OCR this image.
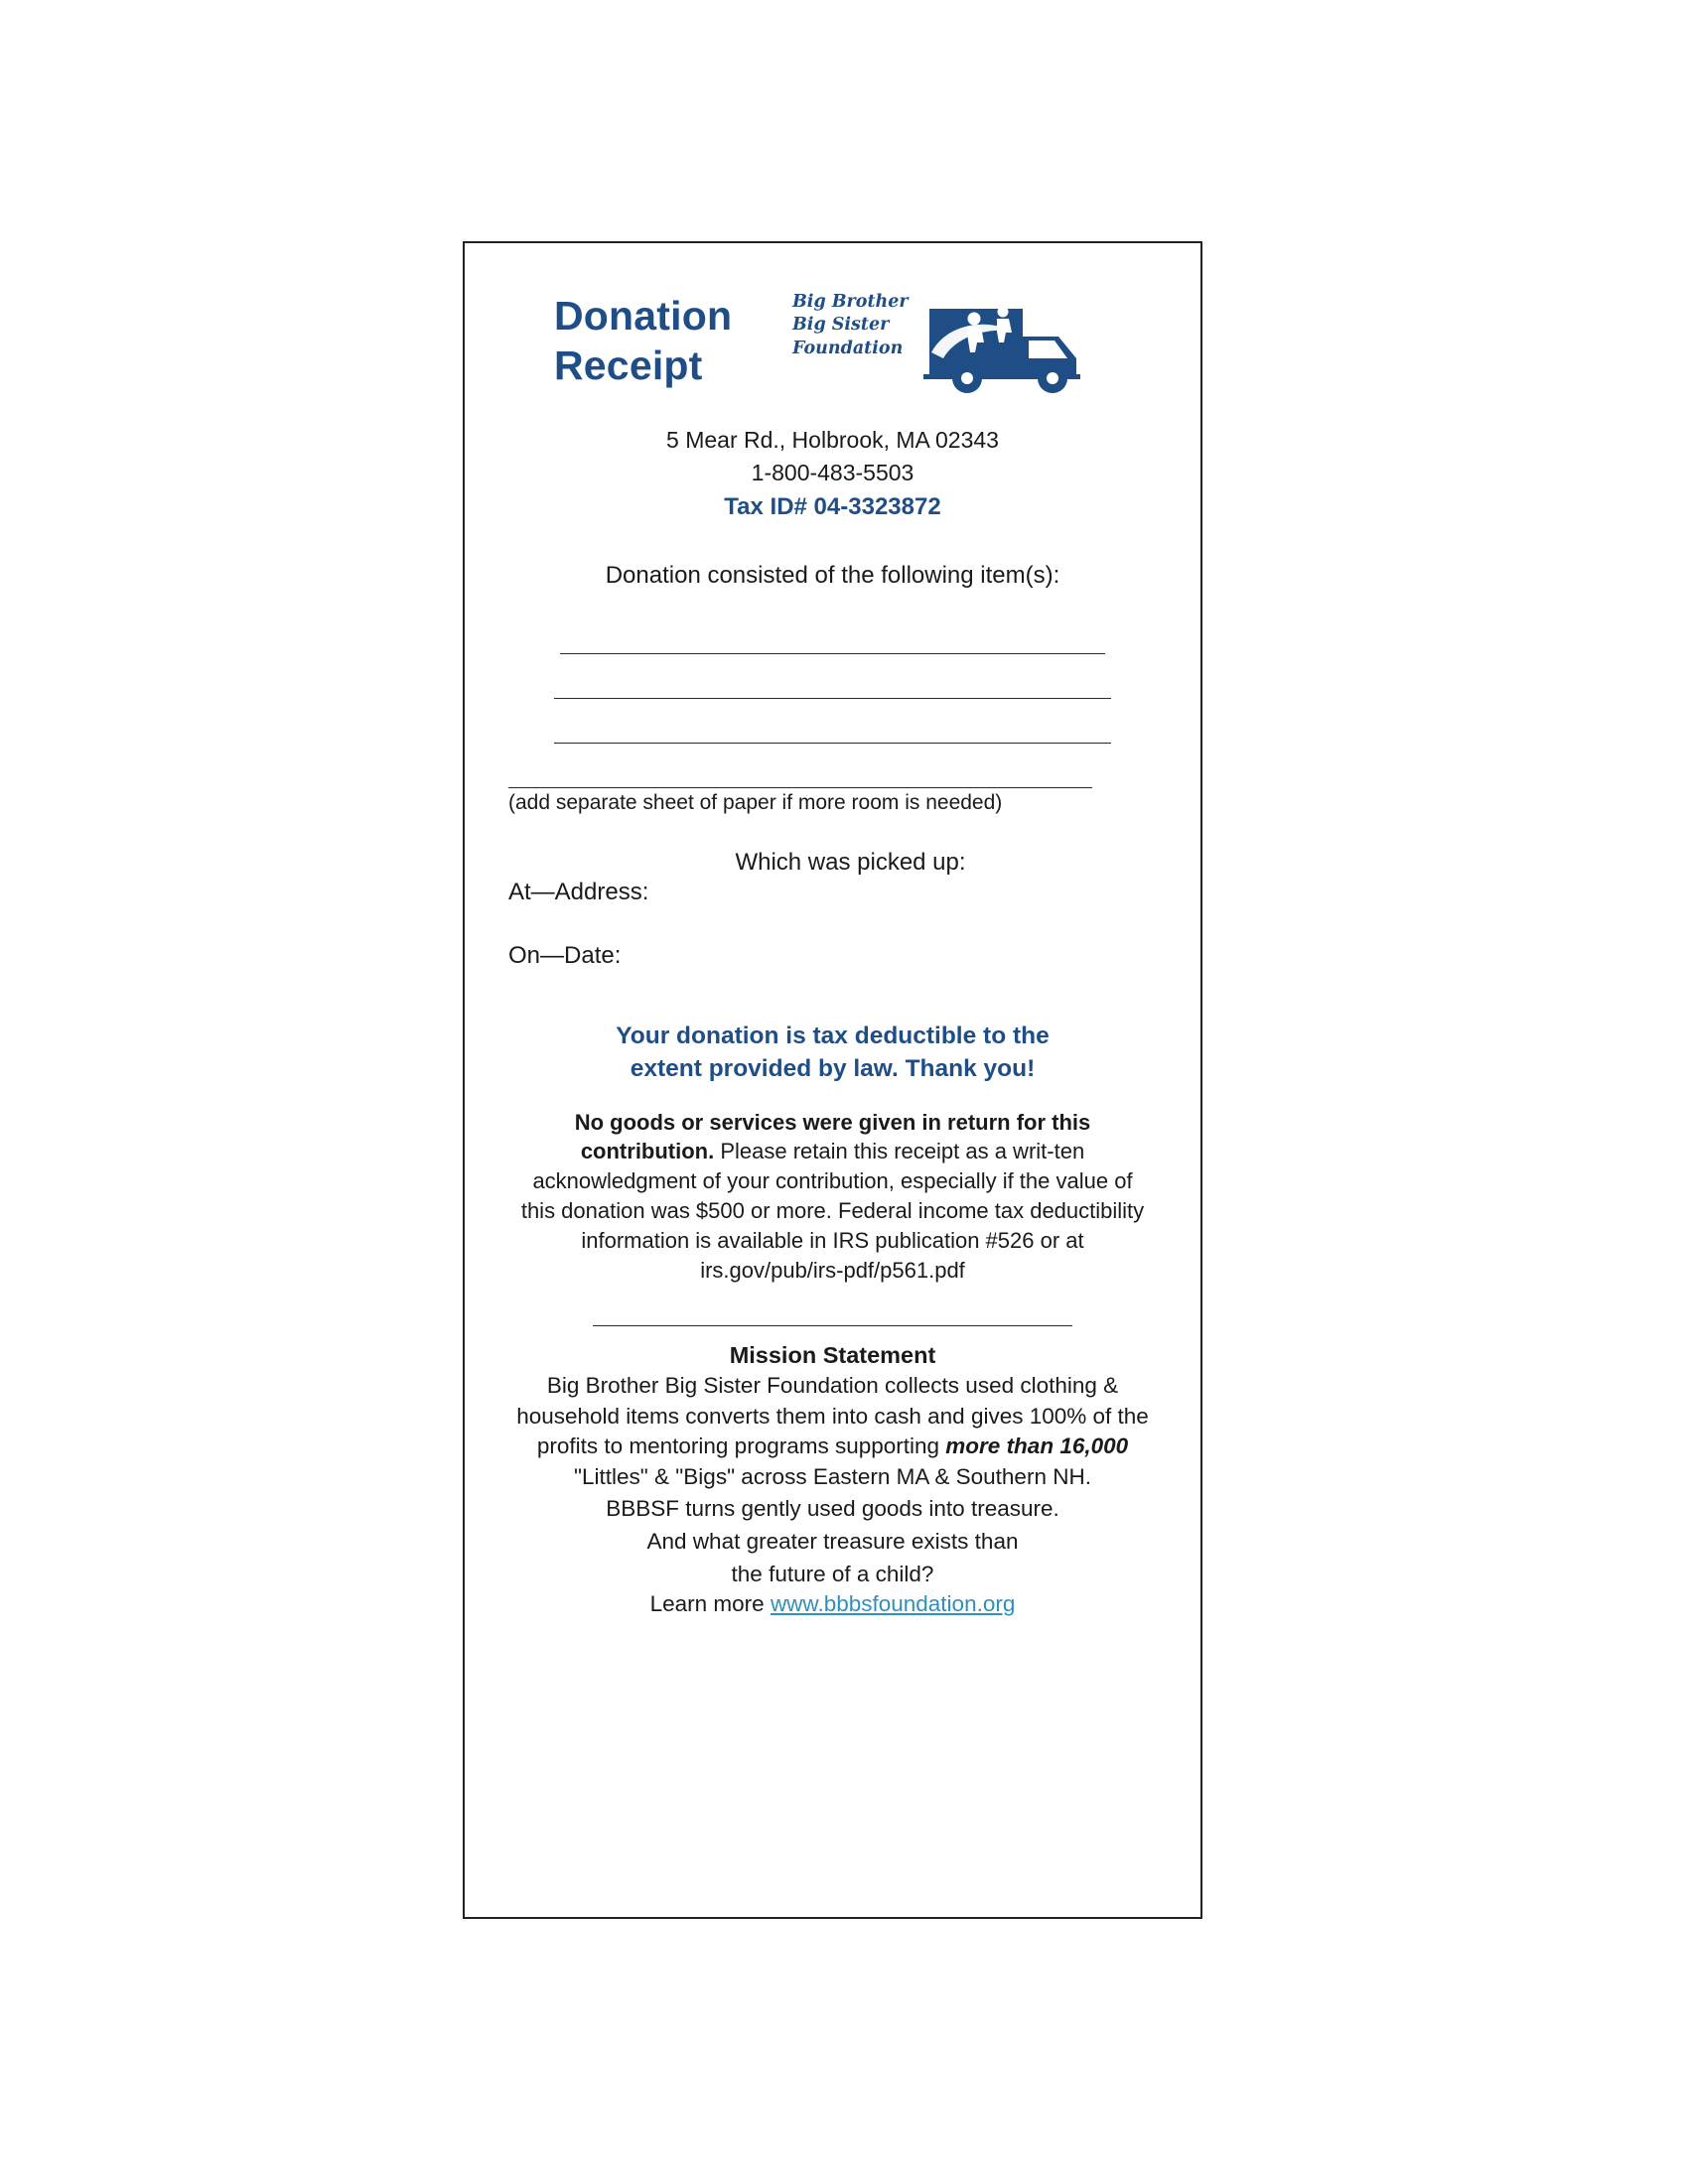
Donation
Receipt
Big Brother
Big Sister
Foundation
5 Mear Rd., Holbrook, MA 02343
1-800-483-5503
Tax ID# 04-3323872
Donation consisted of the following item(s):
(add separate sheet of paper if more room is needed)
Which was picked up:
At—Address:
On—Date:
Your donation is tax deductible to the
extent provided by law. Thank you!
No goods or services were given in return for this contribution. Please retain this receipt as a writ-ten acknowledgment of your contribution, especially if the value of this donation was $500 or more. Federal income tax deductibility information is available in IRS publication #526 or at irs.gov/pub/irs-pdf/p561.pdf
Mission Statement
Big Brother Big Sister Foundation collects used clothing & household items converts them into cash and gives 100% of the profits to mentoring programs supporting more than 16,000 "Littles" & "Bigs" across Eastern MA & Southern NH.
BBBSF turns gently used goods into treasure.
And what greater treasure exists than
the future of a child?
Learn more www.bbbsfoundation.org
